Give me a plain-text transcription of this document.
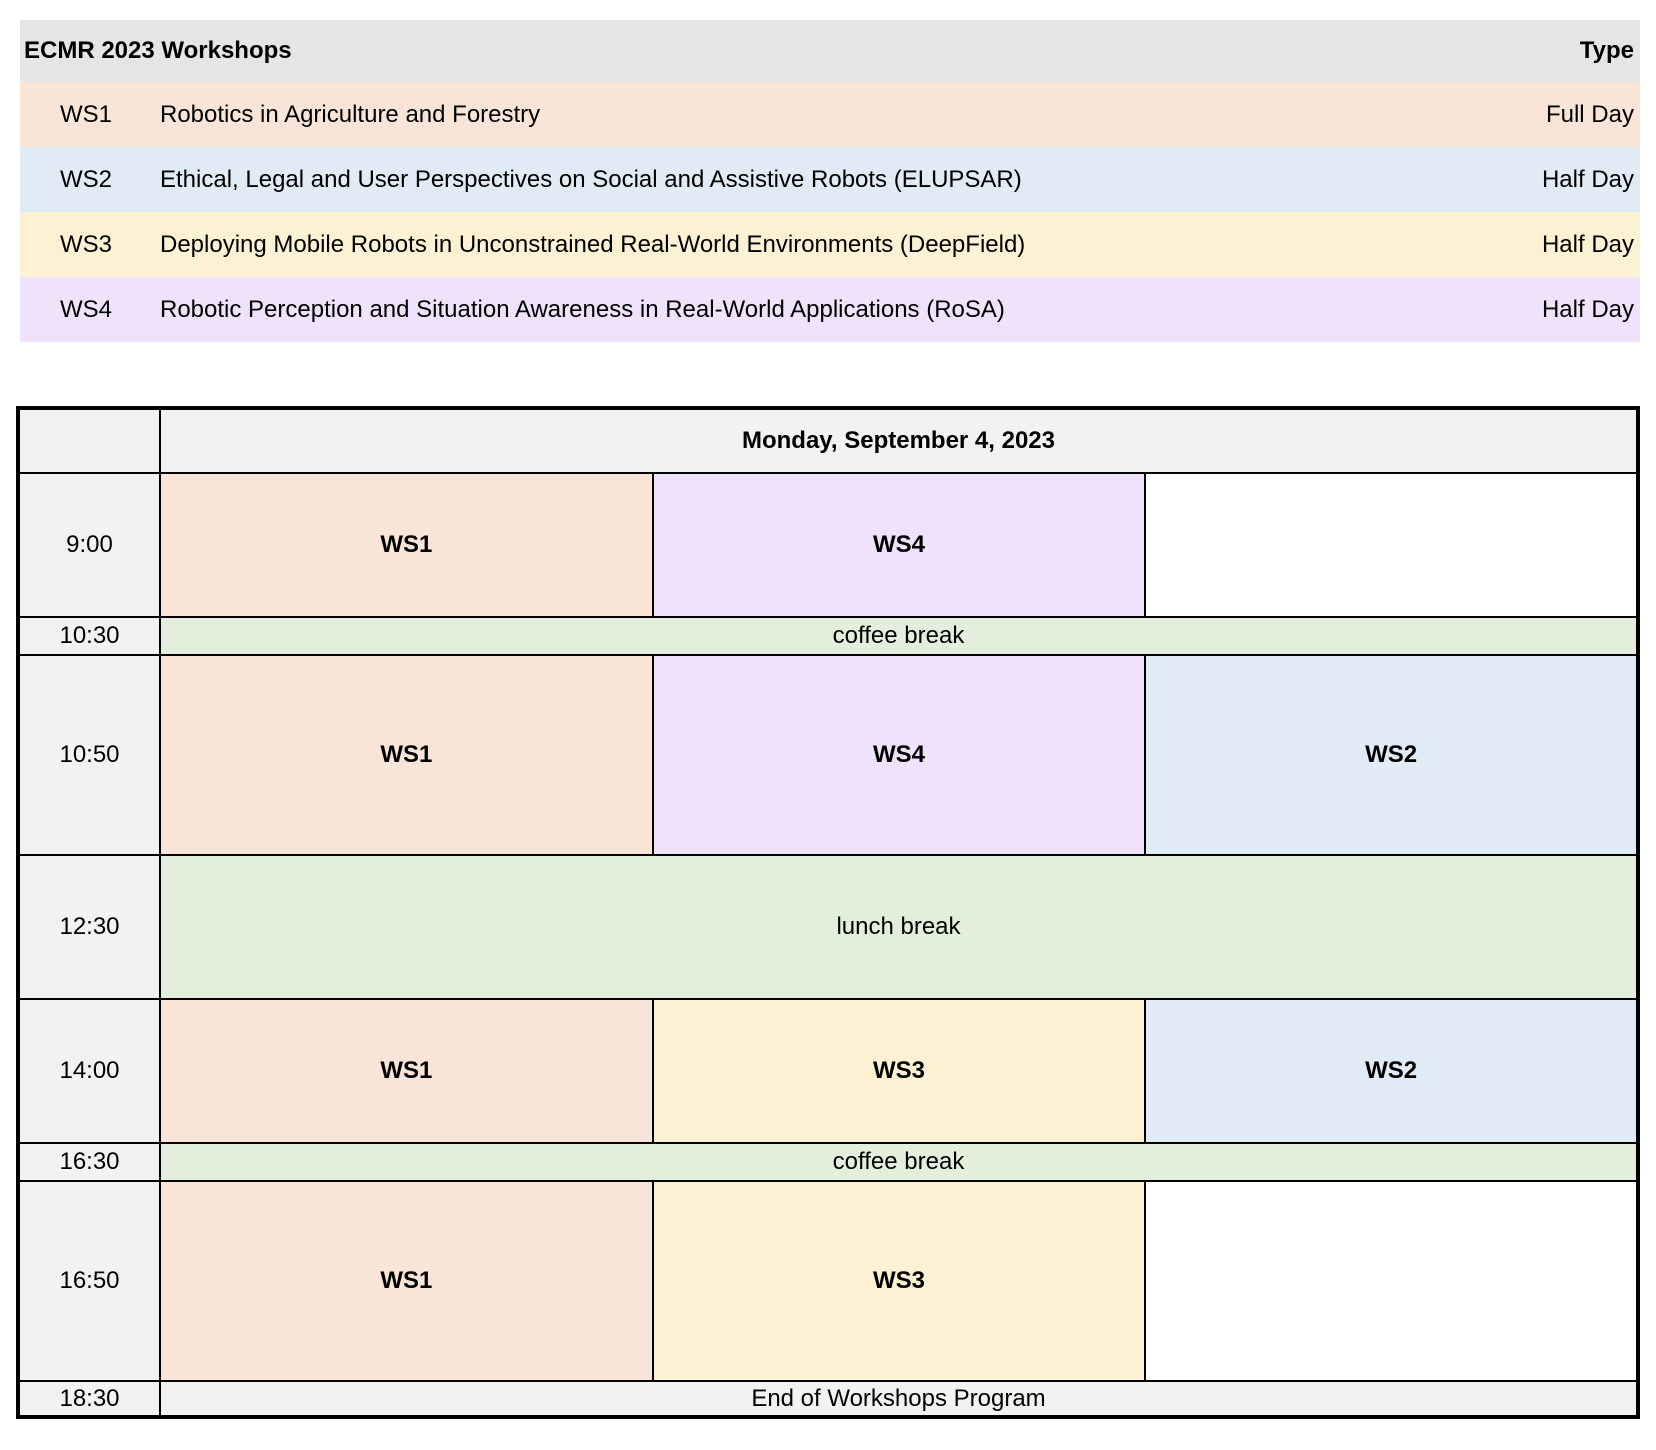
ECMR 2023 Workshops		Type
WS1	Robotics in Agriculture and Forestry	Full Day
WS2	Ethical, Legal and User Perspectives on Social and Assistive Robots (ELUPSAR)	Half Day
WS3	Deploying Mobile Robots in Unconstrained Real-World Environments (DeepField)	Half Day
WS4	Robotic Perception and Situation Awareness in Real-World Applications (RoSA)	Half Day
	Monday, September 4, 2023		
9:00	WS1	WS4	
10:30	coffee break		
10:50	WS1	WS4	WS2
12:30	lunch break		
14:00	WS1	WS3	WS2
16:30	coffee break		
16:50	WS1	WS3	
18:30	End of Workshops Program		
